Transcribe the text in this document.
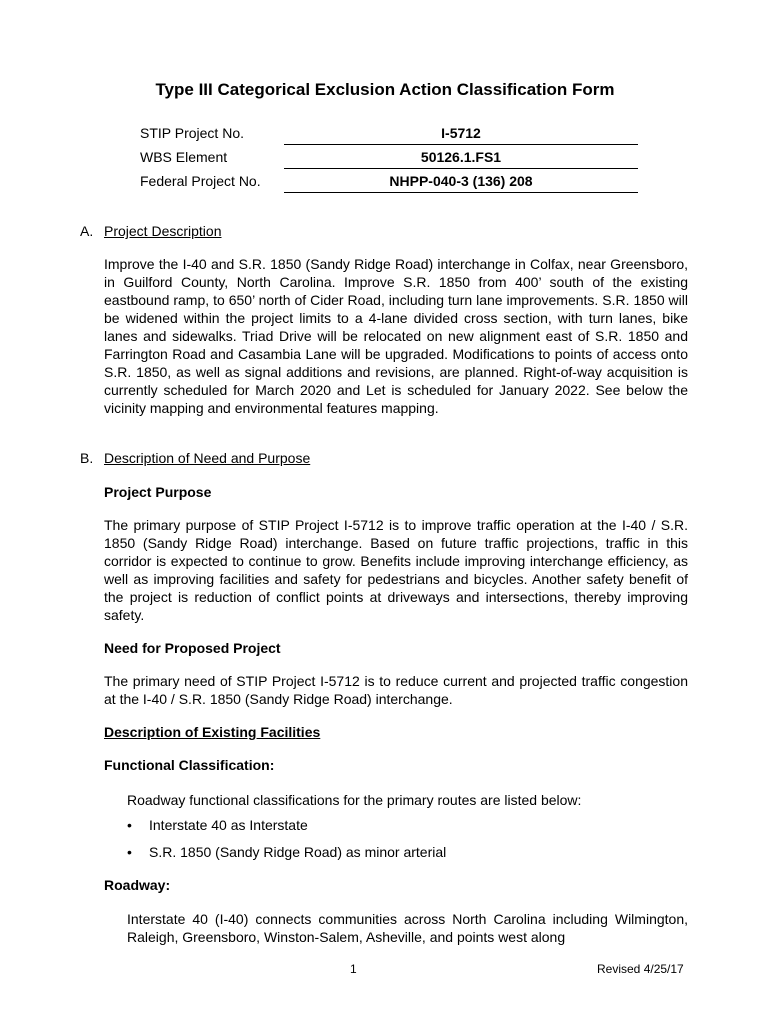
Type III Categorical Exclusion Action Classification Form
STIP Project No.	I-5712
WBS Element	50126.1.FS1
Federal Project No.	NHPP-040-3 (136) 208
A. Project Description
Improve the I-40 and S.R. 1850 (Sandy Ridge Road) interchange in Colfax, near Greensboro, in Guilford County, North Carolina. Improve S.R. 1850 from 400’ south of the existing eastbound ramp, to 650’ north of Cider Road, including turn lane improvements. S.R. 1850 will be widened within the project limits to a 4-lane divided cross section, with turn lanes, bike lanes and sidewalks. Triad Drive will be relocated on new alignment east of S.R. 1850 and Farrington Road and Casambia Lane will be upgraded. Modifications to points of access onto S.R. 1850, as well as signal additions and revisions, are planned. Right-of-way acquisition is currently scheduled for March 2020 and Let is scheduled for January 2022. See below the vicinity mapping and environmental features mapping.
B. Description of Need and Purpose
Project Purpose
The primary purpose of STIP Project I-5712 is to improve traffic operation at the I-40 / S.R. 1850 (Sandy Ridge Road) interchange. Based on future traffic projections, traffic in this corridor is expected to continue to grow. Benefits include improving interchange efficiency, as well as improving facilities and safety for pedestrians and bicycles. Another safety benefit of the project is reduction of conflict points at driveways and intersections, thereby improving safety.
Need for Proposed Project
The primary need of STIP Project I-5712 is to reduce current and projected traffic congestion at the I-40 / S.R. 1850 (Sandy Ridge Road) interchange.
Description of Existing Facilities
Functional Classification:
Roadway functional classifications for the primary routes are listed below:
• Interstate 40 as Interstate
• S.R. 1850 (Sandy Ridge Road) as minor arterial
Roadway:
Interstate 40 (I-40) connects communities across North Carolina including Wilmington, Raleigh, Greensboro, Winston-Salem, Asheville, and points west along
1	Revised 4/25/17
